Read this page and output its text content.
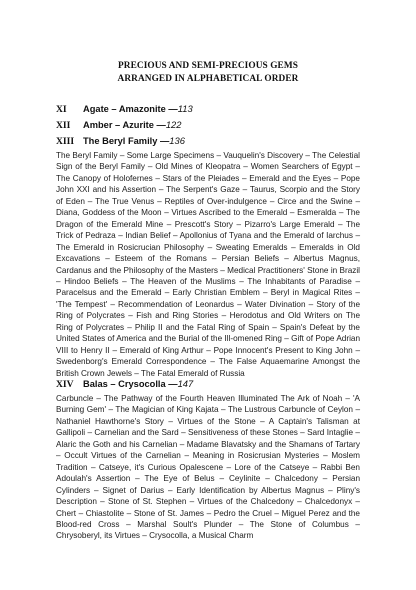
PRECIOUS AND SEMI-PRECIOUS GEMS
ARRANGED IN ALPHABETICAL ORDER
XI Agate – Amazonite —113
XII Amber – Azurite —122
XIII The Beryl Family —136
The Beryl Family – Some Large Specimens – Vauquelin's Discovery – The Celestial Sign of the Beryl Family – Old Mines of Kleopatra – Women Searchers of Egypt – The Canopy of Holofernes – Stars of the Pleiades – Emerald and the Eyes – Pope John XXI and his Assertion – The Serpent's Gaze – Taurus, Scorpio and the Story of Eden – The True Venus – Reptiles of Over-indulgence – Circe and the Swine – Diana, Goddess of the Moon – Virtues Ascribed to the Emerald – Esmeralda – The Dragon of the Emerald Mine – Prescott's Story – Pizarro's Large Emerald – The Trick of Pedraza – Indian Belief – Apollonius of Tyana and the Emerald of Iarchus – The Emerald in Rosicrucian Philosophy – Sweating Emeralds – Emeralds in Old Excavations – Esteem of the Romans – Persian Beliefs – Albertus Magnus, Cardanus and the Philosophy of the Masters – Medical Practitioners' Stone in Brazil – Hindoo Beliefs – The Heaven of the Muslims – The Inhabitants of Paradise – Paracelsus and the Emerald – Early Christian Emblem – Beryl in Magical Rites – 'The Tempest' – Recommendation of Leonardus – Water Divination – Story of the Ring of Polycrates – Fish and Ring Stories – Herodotus and Old Writers on The Ring of Polycrates – Philip II and the Fatal Ring of Spain – Spain's Defeat by the United States of America and the Burial of the Ill-omened Ring – Gift of Pope Adrian VIII to Henry II – Emerald of King Arthur – Pope Innocent's Present to King John – Swedenborg's Emerald Correspondence – The False Aquaemarine Amongst the British Crown Jewels – The Fatal Emerald of Russia
XIV Balas – Crysocolla —147
Carbuncle – The Pathway of the Fourth Heaven Illuminated The Ark of Noah – 'A Burning Gem' – The Magician of King Kajata – The Lustrous Carbuncle of Ceylon – Nathaniel Hawthorne's Story – Virtues of the Stone – A Captain's Talisman at Gallipoli – Carnelian and the Sard – Sensitiveness of these Stones – Sard Intaglie – Alaric the Goth and his Carnelian – Madame Blavatsky and the Shamans of Tartary – Occult Virtues of the Carnelian – Meaning in Rosicrusian Mysteries – Moslem Tradition – Catseye, it's Curious Opalescene – Lore of the Catseye – Rabbi Ben Adoulah's Assertion – The Eye of Belus – Ceylinite – Chalcedony – Persian Cylinders – Signet of Darius – Early Identification by Albertus Magnus – Pliny's Description – Stone of St. Stephen – Virtues of the Chalcedony – Chalcedonyx – Chert – Chiastolite – Stone of St. James – Pedro the Cruel – Miguel Perez and the Blood-red Cross – Marshal Soult's Plunder – The Stone of Columbus – Chrysoberyl, its Virtues – Crysocolla, a Musical Charm
